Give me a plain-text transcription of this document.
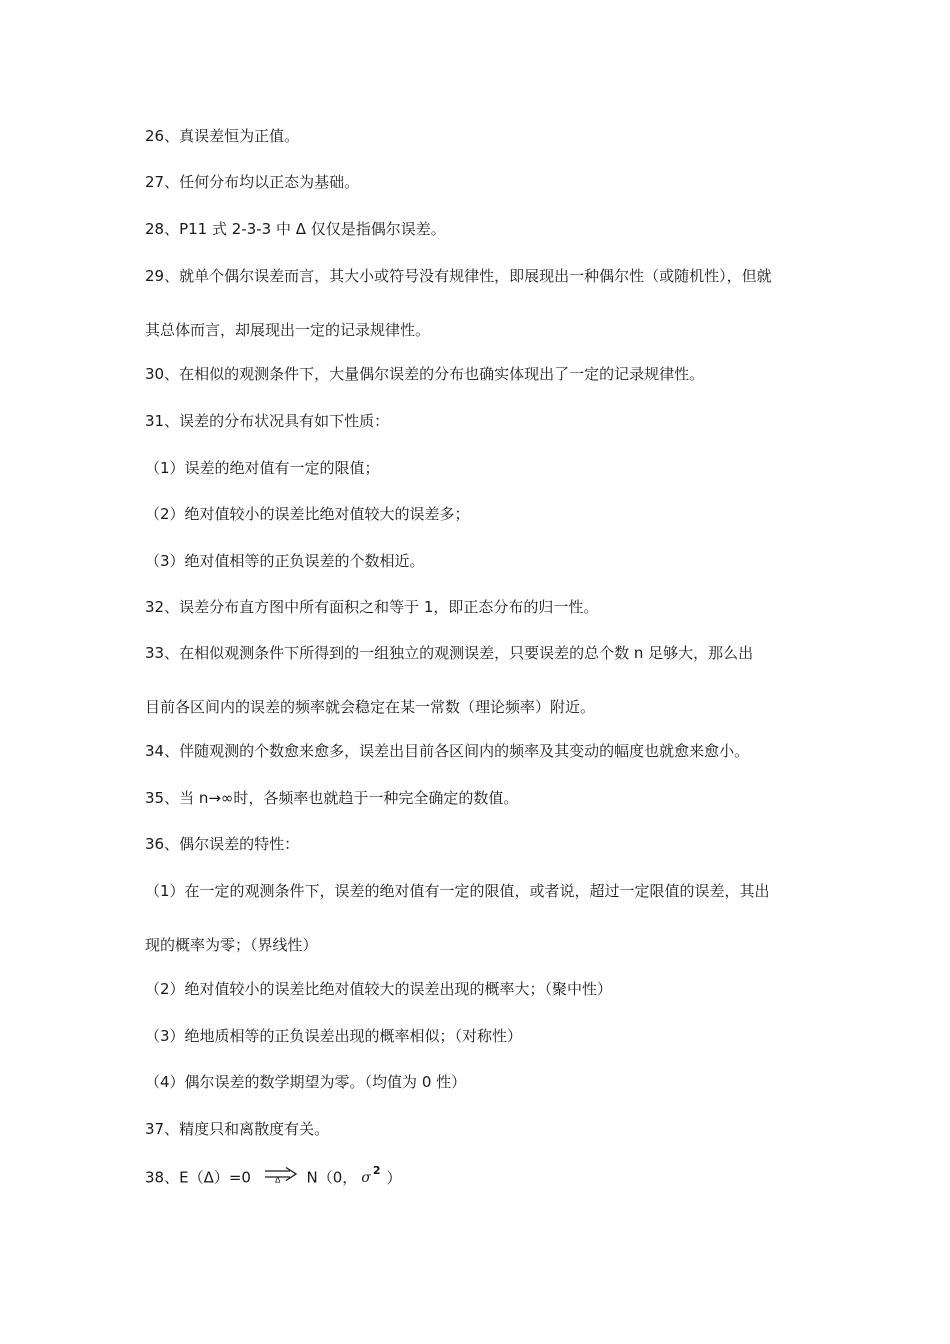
26、真误差恒为正值。
27、任何分布均以正态为基础。
28、P11 式 2-3-3 中 Δ 仅仅是指偶尔误差。
29、就单个偶尔误差而言，其大小或符号没有规律性，即展现出一种偶尔性（或随机性），但就
其总体而言，却展现出一定的记录规律性。
30、在相似的观测条件下，大量偶尔误差的分布也确实体现出了一定的记录规律性。
31、误差的分布状况具有如下性质：
（1）误差的绝对值有一定的限值；
（2）绝对值较小的误差比绝对值较大的误差多；
（3）绝对值相等的正负误差的个数相近。
32、误差分布直方图中所有面积之和等于 1，即正态分布的归一性。
33、在相似观测条件下所得到的一组独立的观测误差，只要误差的总个数 n 足够大，那么出
目前各区间内的误差的频率就会稳定在某一常数（理论频率）附近。
34、伴随观测的个数愈来愈多，误差出目前各区间内的频率及其变动的幅度也就愈来愈小。
35、当 n→∞时，各频率也就趋于一种完全确定的数值。
36、偶尔误差的特性：
（1）在一定的观测条件下，误差的绝对值有一定的限值，或者说，超过一定限值的误差，其出
现的概率为零；（界线性）
（2）绝对值较小的误差比绝对值较大的误差出现的概率大；（聚中性）
（3）绝地质相等的正负误差出现的概率相似；（对称性）
（4）偶尔误差的数学期望为零。（均值为 0 性）
37、精度只和离散度有关。
38、E（Δ）=0	Δ N（0， σ $^2$ ）
